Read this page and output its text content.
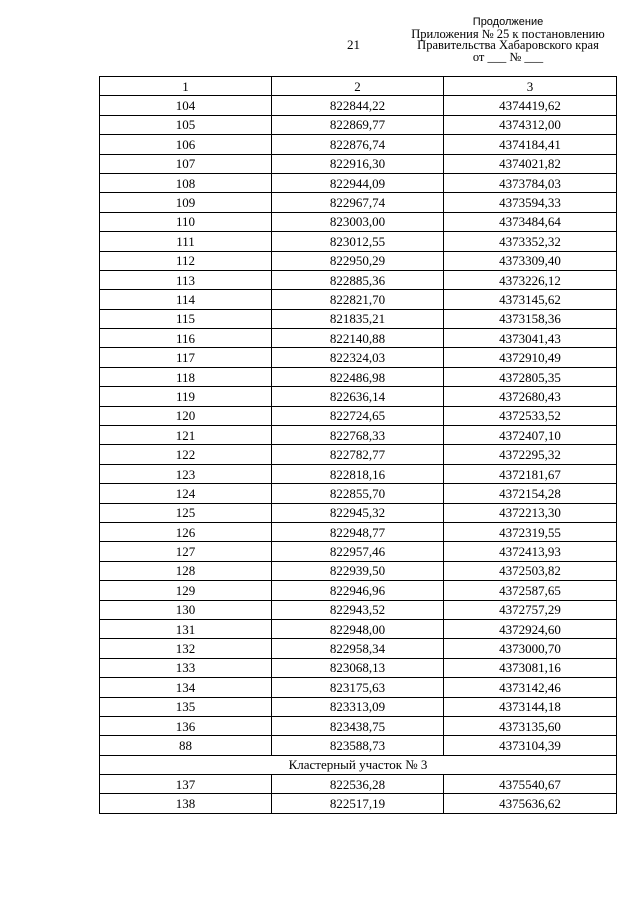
21
Продолжение
Приложения № 25 к постановлению
Правительства Хабаровского края
от ___ № ___
1	2	3
104	822844,22	4374419,62
105	822869,77	4374312,00
106	822876,74	4374184,41
107	822916,30	4374021,82
108	822944,09	4373784,03
109	822967,74	4373594,33
110	823003,00	4373484,64
111	823012,55	4373352,32
112	822950,29	4373309,40
113	822885,36	4373226,12
114	822821,70	4373145,62
115	821835,21	4373158,36
116	822140,88	4373041,43
117	822324,03	4372910,49
118	822486,98	4372805,35
119	822636,14	4372680,43
120	822724,65	4372533,52
121	822768,33	4372407,10
122	822782,77	4372295,32
123	822818,16	4372181,67
124	822855,70	4372154,28
125	822945,32	4372213,30
126	822948,77	4372319,55
127	822957,46	4372413,93
128	822939,50	4372503,82
129	822946,96	4372587,65
130	822943,52	4372757,29
131	822948,00	4372924,60
132	822958,34	4373000,70
133	823068,13	4373081,16
134	823175,63	4373142,46
135	823313,09	4373144,18
136	823438,75	4373135,60
88	823588,73	4373104,39
Кластерный участок № 3		
137	822536,28	4375540,67
138	822517,19	4375636,62
